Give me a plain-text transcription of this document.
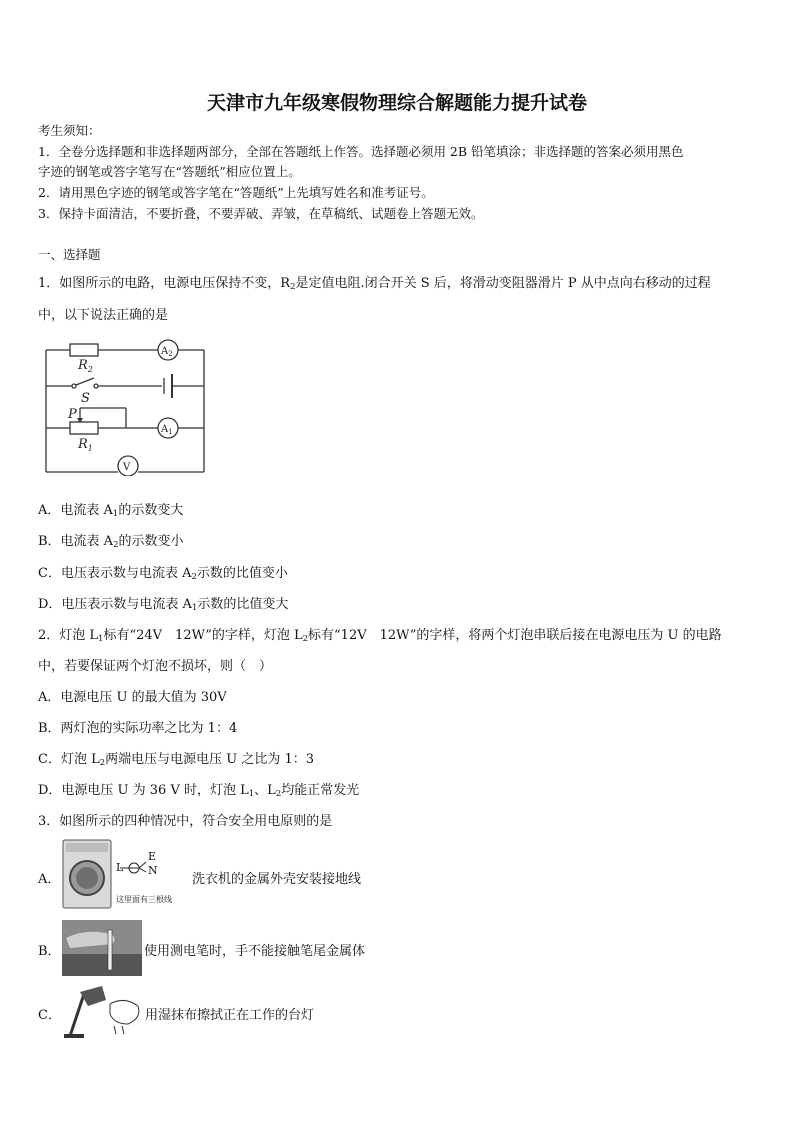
天津市九年级寒假物理综合解题能力提升试卷
考生须知：
1．全卷分选择题和非选择题两部分，全部在答题纸上作答。选择题必须用 2B 铅笔填涂；非选择题的答案必须用黑色
字迹的钢笔或答字笔写在“答题纸”相应位置上。
2．请用黑色字迹的钢笔或答字笔在“答题纸”上先填写姓名和准考证号。
3．保持卡面清洁，不要折叠，不要弄破、弄皱，在草稿纸、试题卷上答题无效。
一、选择题
1．如图所示的电路，电源电压保持不变，$R_2$是定值电阻.闭合开关 S 后，将滑动变阻器滑片 P 从中点向右移动的过程
中，以下说法正确的是
$R_2$
$A_2$
S
P
$R_1$
$A_1$
V
A．电流表 $A_1$的示数变大
B．电流表 $A_2$的示数变小
C．电压表示数与电流表 $A_2$示数的比值变小
D．电压表示数与电流表 $A_1$示数的比值变大
2．灯泡 $L_1$标有“24V　12W”的字样，灯泡 $L_2$标有“12V　12W”的字样，将两个灯泡串联后接在电源电压为 U 的电路
中，若要保证两个灯泡不损坏，则（　）
A．电源电压 U 的最大值为 30V
B．两灯泡的实际功率之比为 1：4
C．灯泡 $L_2$两端电压与电源电压 U 之比为 1：3
D．电源电压 U 为 36 V 时，灯泡 $L_1$、$L_2$均能正常发光
3．如图所示的四种情况中，符合安全用电原则的是
A．
L
E
N
这里面有三根线
洗衣机的金属外壳安装接地线
B．	使用测电笔时，手不能接触笔尾金属体
C．	用湿抹布擦拭正在工作的台灯
